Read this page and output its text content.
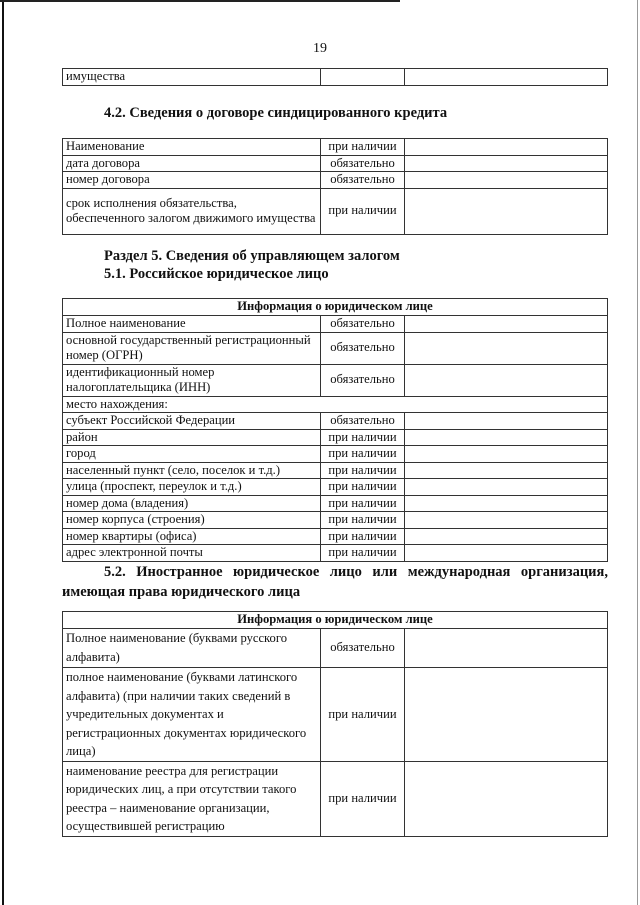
19
имущества		
4.2. Сведения о договоре синдицированного кредита
Наименование	при наличии	
дата договора	обязательно	
номер договора	обязательно	
срок исполнения обязательства, обеспеченного залогом движимого имущества	при наличии	
Раздел 5. Сведения об управляющем залогом
5.1. Российское юридическое лицо
Информация о юридическом лице		
Полное наименование	обязательно	
основной государственный регистрационный номер (ОГРН)	обязательно	
идентификационный номер налогоплательщика (ИНН)	обязательно	
место нахождения:		
субъект Российской Федерации	обязательно	
район	при наличии	
город	при наличии	
населенный пункт (село, поселок и т.д.)	при наличии	
улица (проспект, переулок и т.д.)	при наличии	
номер дома (владения)	при наличии	
номер корпуса (строения)	при наличии	
номер квартиры (офиса)	при наличии	
адрес электронной почты	при наличии	
5.2. Иностранное юридическое лицо или международная организация,
имеющая права юридического лица
Информация о юридическом лице		
Полное наименование (буквами русского алфавита)	обязательно	
полное наименование (буквами латинского алфавита) (при наличии таких сведений в учредительных документах и регистрационных документах юридического лица)	при наличии	
наименование реестра для регистрации юридических лиц, а при отсутствии такого реестра – наименование организации, осуществившей регистрацию	при наличии	
